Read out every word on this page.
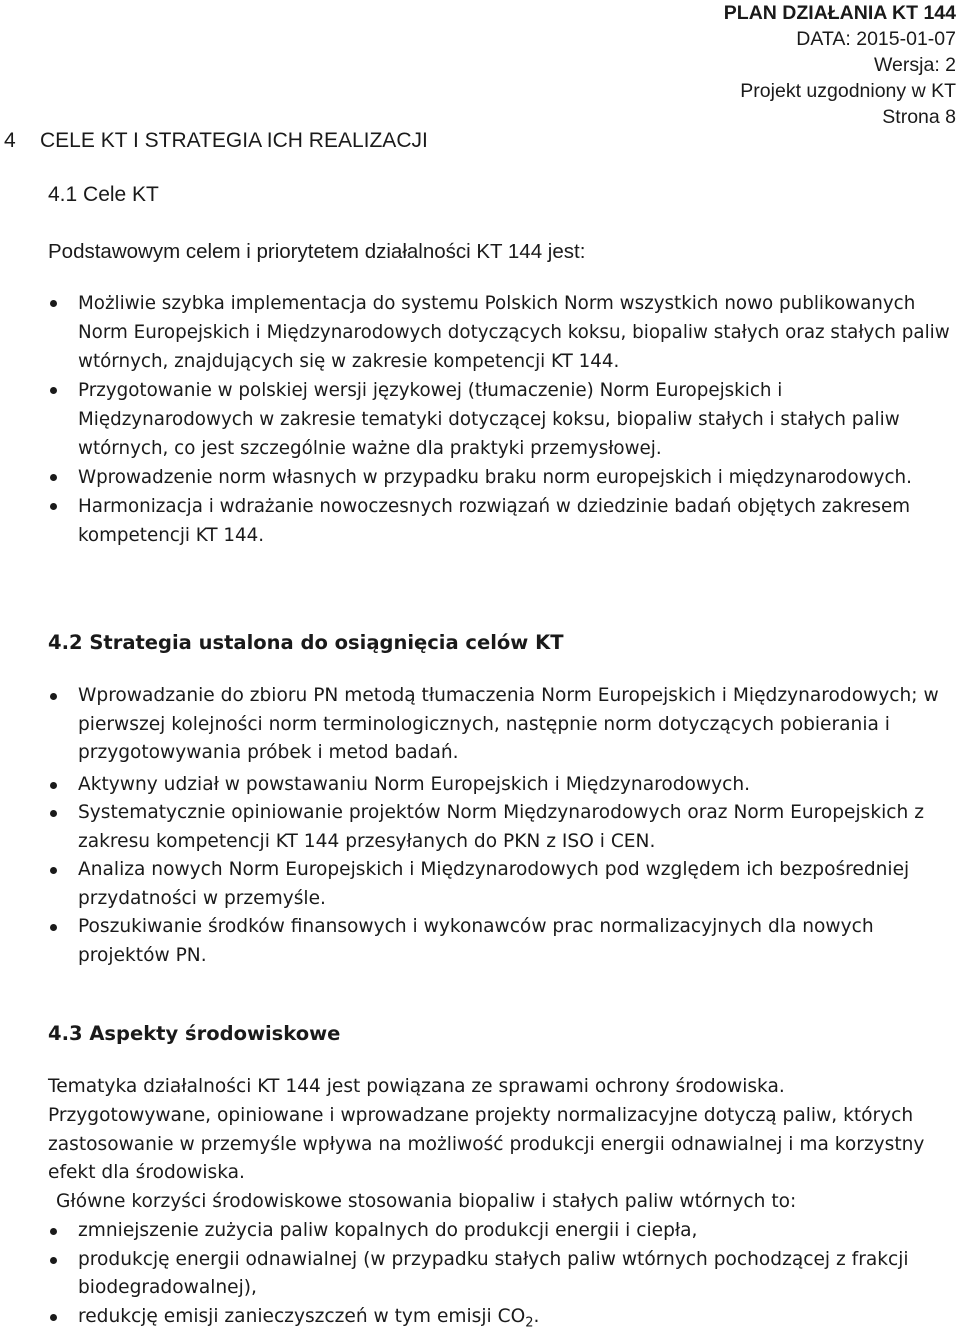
PLAN DZIAŁANIA KT 144
DATA: 2015-01-07
Wersja: 2
Projekt uzgodniony w KT
Strona 8
4 CELE KT I STRATEGIA ICH REALIZACJI
4.1 Cele KT

Podstawowym celem i priorytetem działalności KT 144 jest:

Możliwie szybka implementacja do systemu Polskich Norm wszystkich nowo publikowanych Norm Europejskich i Międzynarodowych dotyczących koksu, biopaliw stałych oraz stałych paliw wtórnych, znajdujących się w zakresie kompetencji KT 144.
Przygotowanie w polskiej wersji językowej (tłumaczenie) Norm Europejskich i Międzynarodowych w zakresie tematyki dotyczącej koksu, biopaliw stałych i stałych paliw wtórnych, co jest szczególnie ważne dla praktyki przemysłowej.
Wprowadzenie norm własnych w przypadku braku norm europejskich i międzynarodowych.
Harmonizacja i wdrażanie nowoczesnych rozwiązań w dziedzinie badań objętych zakresem kompetencji KT 144.
4.2 Strategia ustalona do osiągnięcia celów KT
Wprowadzanie do zbioru PN metodą tłumaczenia Norm Europejskich i Międzynarodowych; w pierwszej kolejności norm terminologicznych, następnie norm dotyczących pobierania i przygotowywania próbek i metod badań.
Aktywny udział w powstawaniu Norm Europejskich i Międzynarodowych.
Systematycznie opiniowanie projektów Norm Międzynarodowych oraz Norm Europejskich z zakresu kompetencji KT 144 przesyłanych do PKN z ISO i CEN.
Analiza nowych Norm Europejskich i Międzynarodowych pod względem ich bezpośredniej przydatności w przemyśle.
Poszukiwanie środków finansowych i wykonawców prac normalizacyjnych dla nowych projektów PN.
4.3 Aspekty środowiskowe

Tematyka działalności KT 144 jest powiązana ze sprawami ochrony środowiska.

Przygotowywane, opiniowane i wprowadzane projekty normalizacyjne dotyczą paliw, których zastosowanie w przemyśle wpływa na możliwość produkcji energii odnawialnej i ma korzystny efekt dla środowiska.

Główne korzyści środowiskowe stosowania biopaliw i stałych paliw wtórnych to:

zmniejszenie zużycia paliw kopalnych do produkcji energii i ciepła,
produkcję energii odnawialnej (w przypadku stałych paliw wtórnych pochodzącej z frakcji biodegradowalnej),
redukcję emisji zanieczyszczeń w tym emisji $CO_2$.
